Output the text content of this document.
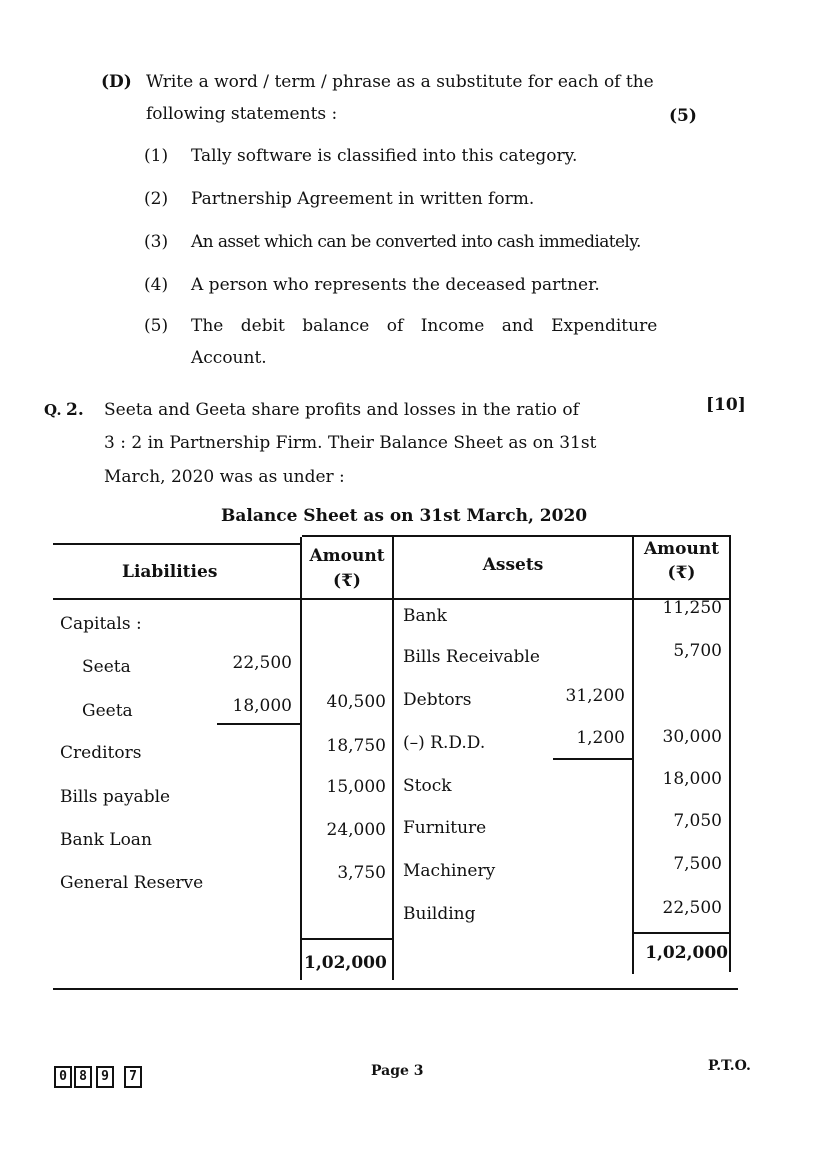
(D) Write a word / term / phrase as a substitute for each of the
following statements :	(5)
(1) Tally software is classified into this category.
(2) Partnership Agreement in written form.
(3) An asset which can be converted into cash immediately.
(4) A person who represents the deceased partner.
(5) The debit balance of Income and Expenditure
Account.
Q. 2. Seeta and Geeta share profits and losses in the ratio of	[10]
3 : 2 in Partnership Firm. Their Balance Sheet as on 31st
March, 2020 was as under :
Balance Sheet as on 31st March, 2020
Liabilities
Amount
(₹)
Assets
Amount
(₹)
Capitals :
Seeta	22,500
Geeta	18,000	40,500
Creditors	18,750
Bills payable	15,000
Bank Loan	24,000
General Reserve	3,750
1,02,000
Bank	11,250
Bills Receivable	5,700
Debtors	31,200
(–) R.D.D.	1,200	30,000
Stock	18,000
Furniture	7,050
Machinery	7,500
Building	22,500
1,02,000
0 8	9	7	Page 3	P.T.O.
